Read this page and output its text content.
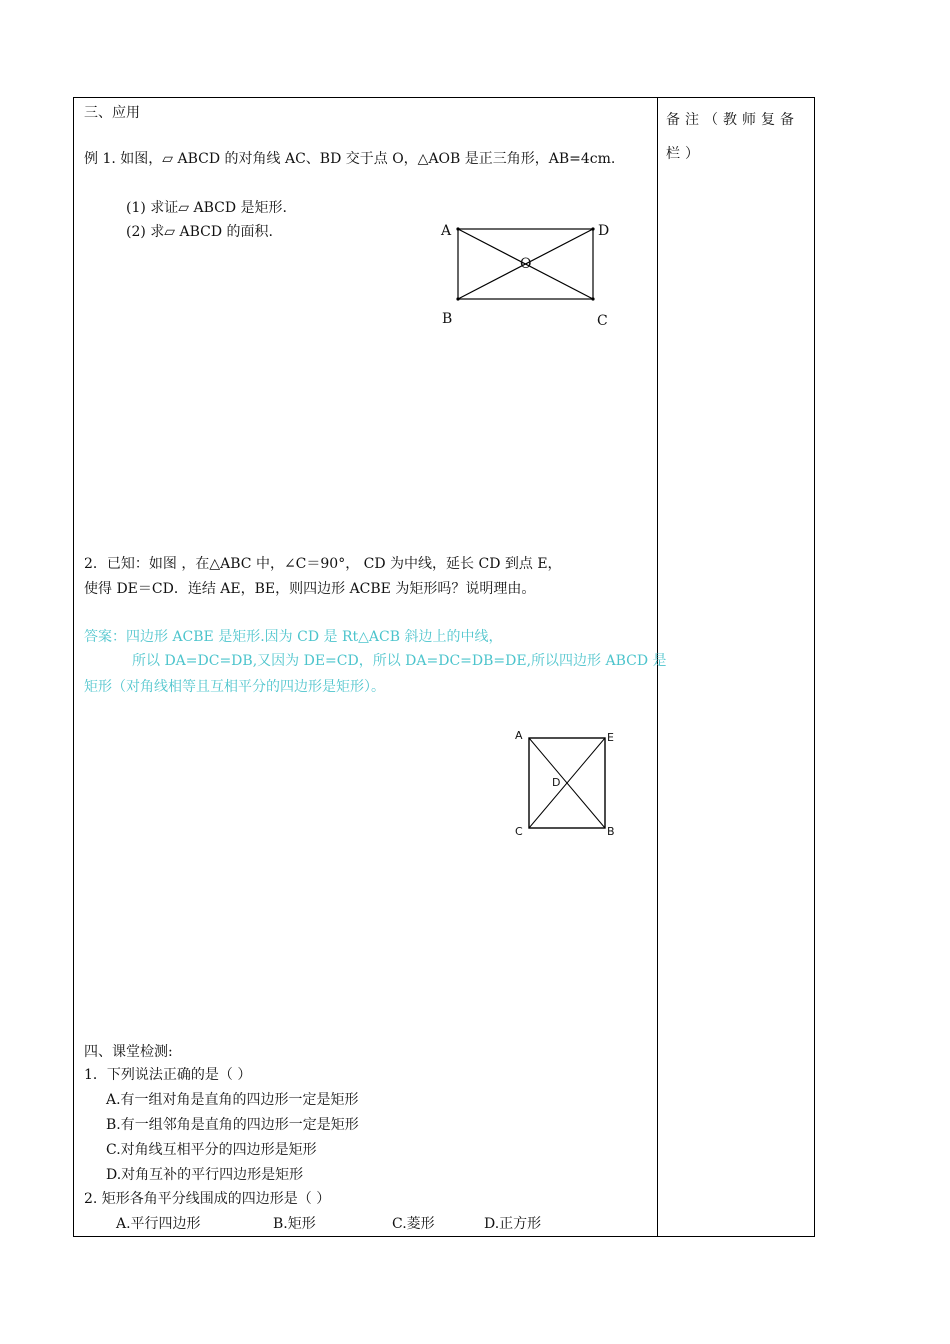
备注（教师复备栏）
三、应用
例 1. 如图，▱ ABCD 的对角线 AC、BD 交于点 O，△AOB 是正三角形，AB=4cm.
(1) 求证▱ ABCD 是矩形.
(2) 求▱ ABCD 的面积.	A	D
O
B	C
2．已知：如图 ，在△ABC 中，∠C＝90°， CD 为中线，延长 CD 到点 E，
使得 DE＝CD．连结 AE，BE，则四边形 ACBE 为矩形吗？说明理由。
答案：四边形 ACBE 是矩形.因为 CD 是 Rt△ACB 斜边上的中线，
所以 DA=DC=DB,又因为 DE=CD，所以 DA=DC=DB=DE,所以四边形 ABCD 是
矩形（对角线相等且互相平分的四边形是矩形）。
A	E
D
C	B
四、课堂检测:
1．下列说法正确的是（ ）
A.有一组对角是直角的四边形一定是矩形
B.有一组邻角是直角的四边形一定是矩形
C.对角线互相平分的四边形是矩形
D.对角互补的平行四边形是矩形
2. 矩形各角平分线围成的四边形是（ ）
A.平行四边形	B.矩形	C.菱形	D.正方形
